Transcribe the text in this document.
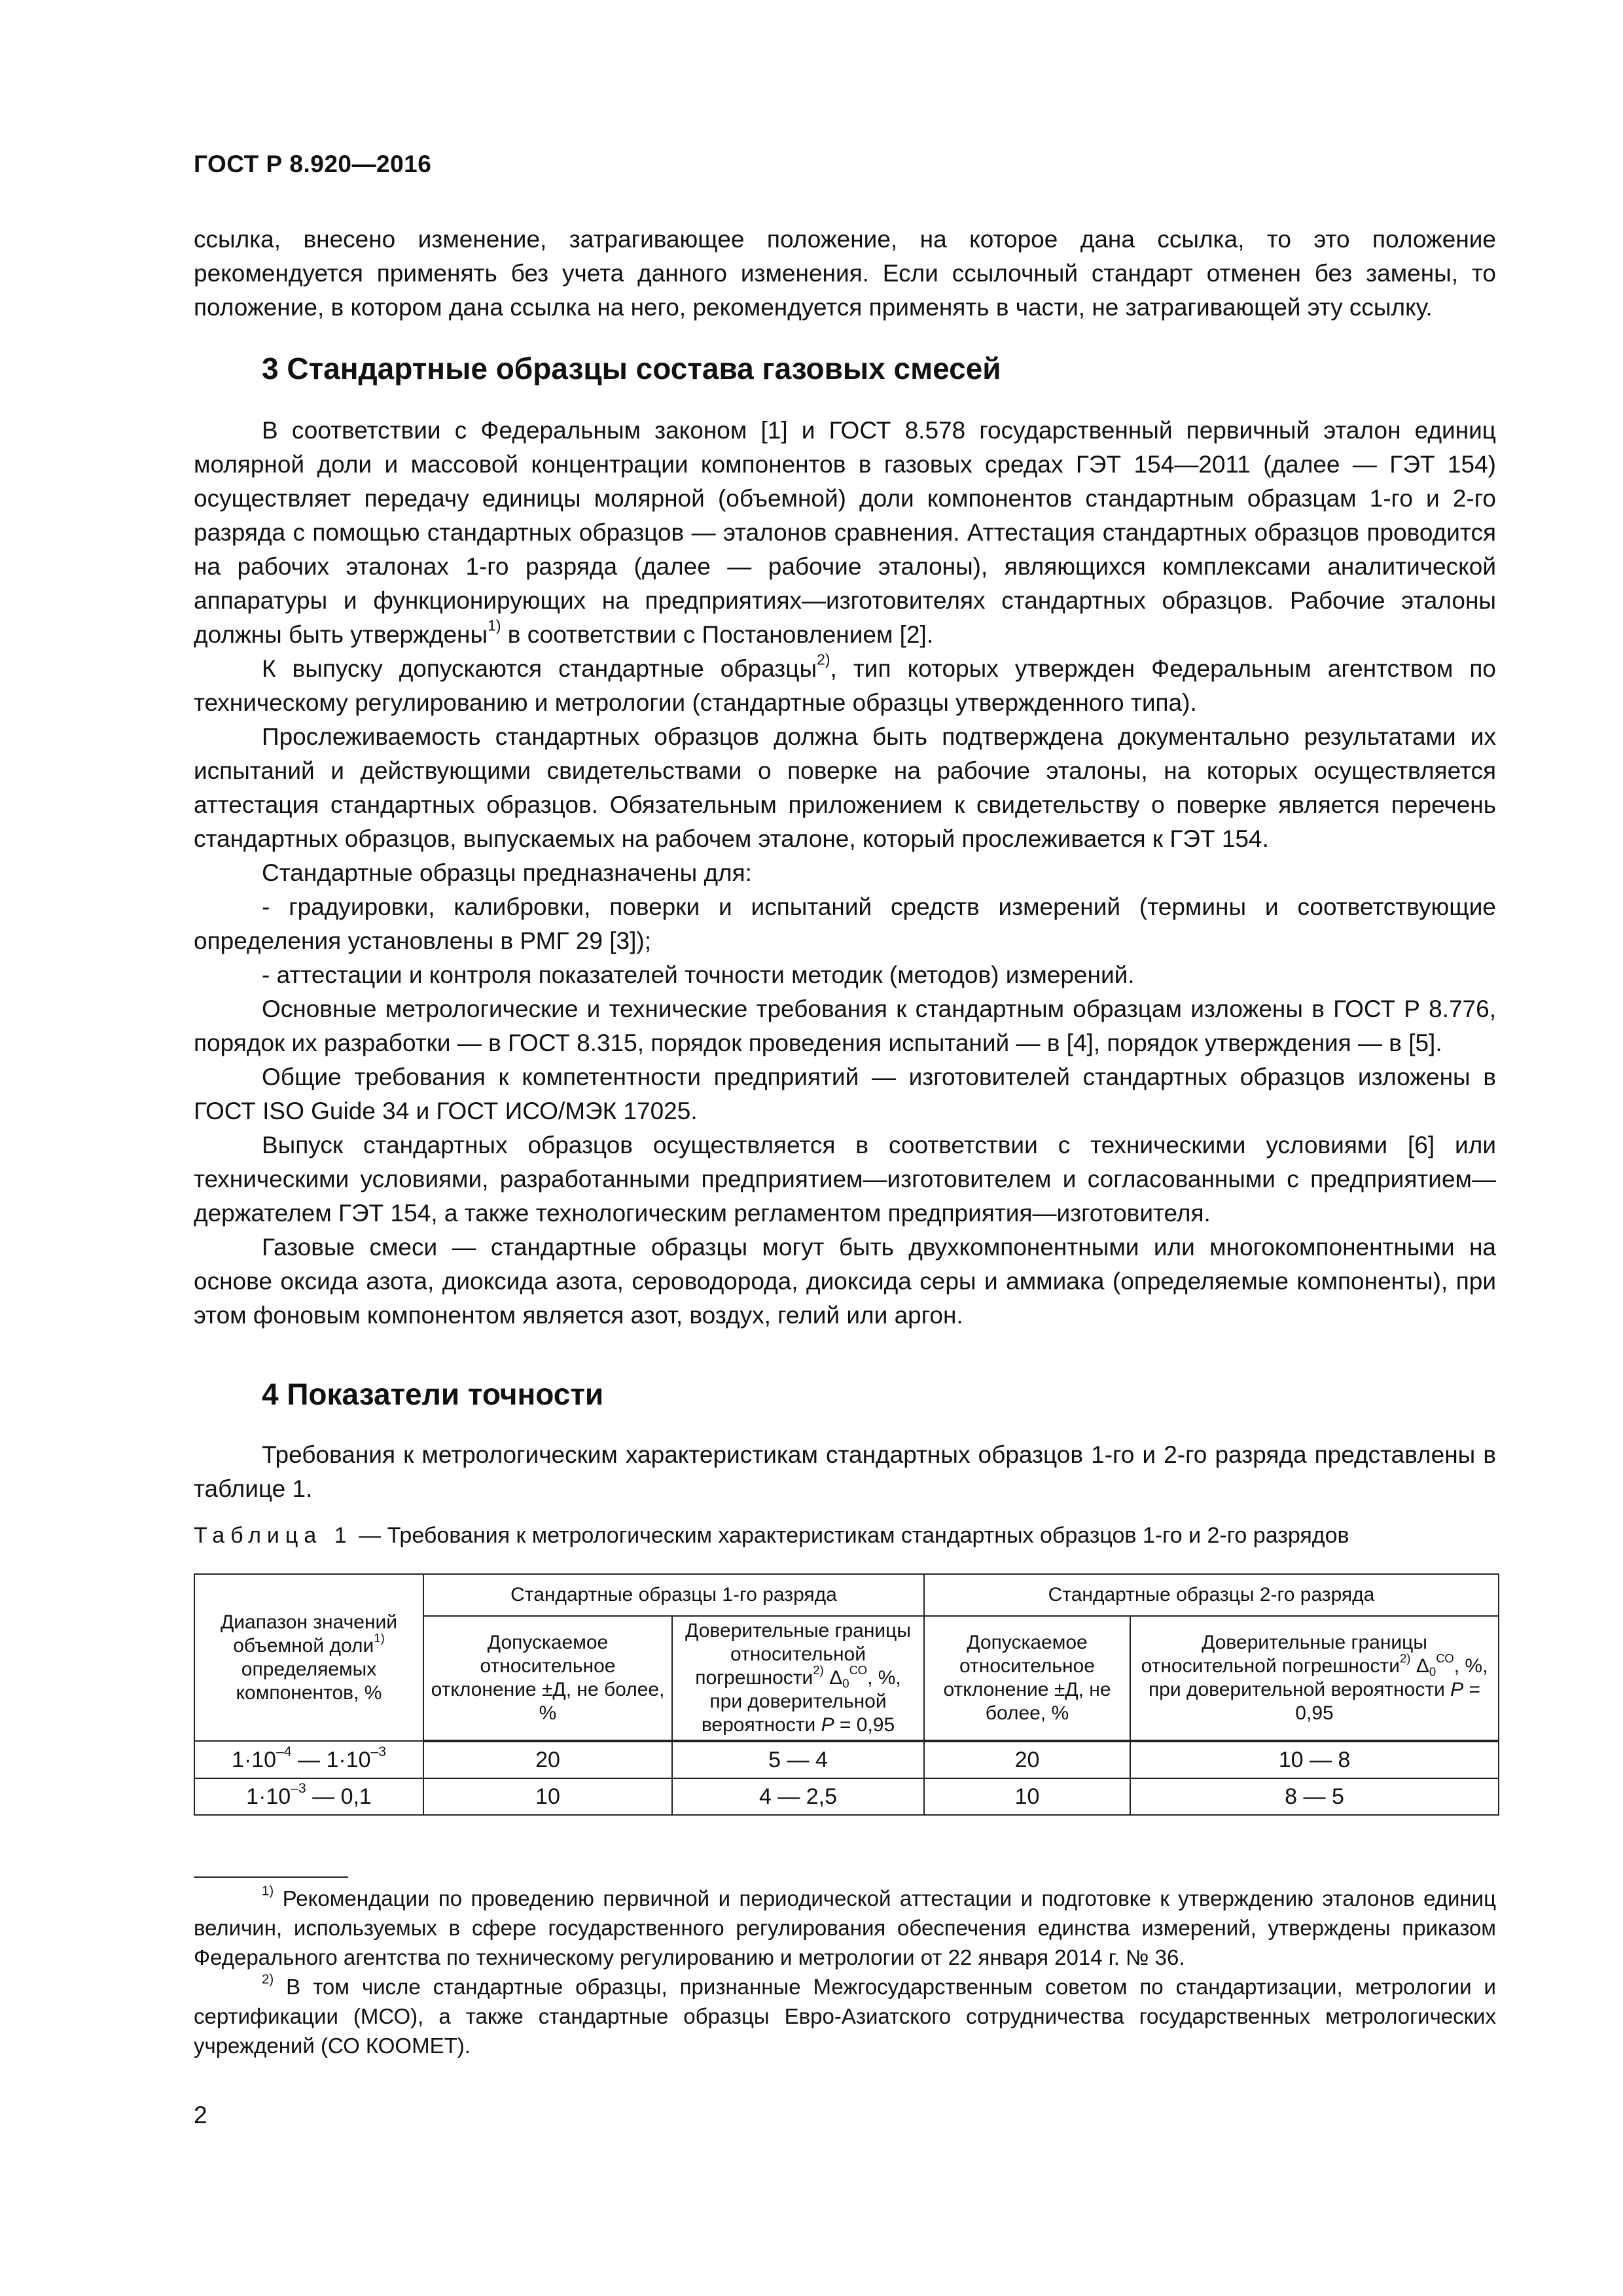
ГОСТ Р 8.920—2016

ссылка, внесено изменение, затрагивающее положение, на которое дана ссылка, то это положение рекомендуется применять без учета данного изменения. Если ссылочный стандарт отменен без замены, то положение, в котором дана ссылка на него, рекомендуется применять в части, не затрагивающей эту ссылку.

3 Стандартные образцы состава газовых смесей

В соответствии с Федеральным законом [1] и ГОСТ 8.578 государственный первичный эталон единиц молярной доли и массовой концентрации компонентов в газовых средах ГЭТ 154—2011 (далее — ГЭТ 154) осуществляет передачу единицы молярной (объемной) доли компонентов стандартным образцам 1-го и 2-го разряда с помощью стандартных образцов — эталонов сравнения. Аттестация стандартных образцов проводится на рабочих эталонах 1-го разряда (далее — рабочие эталоны), являющихся комплексами аналитической аппаратуры и функционирующих на предприятиях—изготовителях стандартных образцов. Рабочие эталоны должны быть утверждены$^{1)}$ в соответствии с Постановлением [2].

К выпуску допускаются стандартные образцы$^{2)}$, тип которых утвержден Федеральным агентством по техническому регулированию и метрологии (стандартные образцы утвержденного типа).

Прослеживаемость стандартных образцов должна быть подтверждена документально результатами их испытаний и действующими свидетельствами о поверке на рабочие эталоны, на которых осуществляется аттестация стандартных образцов. Обязательным приложением к свидетельству о поверке является перечень стандартных образцов, выпускаемых на рабочем эталоне, который прослеживается к ГЭТ 154.

Стандартные образцы предназначены для:

- градуировки, калибровки, поверки и испытаний средств измерений (термины и соответствующие определения установлены в РМГ 29 [3]);

- аттестации и контроля показателей точности методик (методов) измерений.

Основные метрологические и технические требования к стандартным образцам изложены в ГОСТ Р 8.776, порядок их разработки — в ГОСТ 8.315, порядок проведения испытаний — в [4], порядок утверждения — в [5].

Общие требования к компетентности предприятий — изготовителей стандартных образцов изложены в ГОСТ ISO Guide 34 и ГОСТ ИСО/МЭК 17025.

Выпуск стандартных образцов осуществляется в соответствии с техническими условиями [6] или техническими условиями, разработанными предприятием—изготовителем и согласованными с предприятием—держателем ГЭТ 154, а также технологическим регламентом предприятия—изготовителя.

Газовые смеси — стандартные образцы могут быть двухкомпонентными или многокомпонентными на основе оксида азота, диоксида азота, сероводорода, диоксида серы и аммиака (определяемые компоненты), при этом фоновым компонентом является азот, воздух, гелий или аргон.

4 Показатели точности

Требования к метрологическим характеристикам стандартных образцов 1-го и 2-го разряда представлены в таблице 1.

Таблица 1 — Требования к метрологическим характеристикам стандартных образцов 1-го и 2-го разрядов
Диапазон значений объемной доли$^{1)}$ определяемых компонентов, %	Стандартные образцы 1-го разряда		Стандартные образцы 2-го разряда	
	Допускаемое относительное отклонение ±Д, не более, %	Доверительные границы относительной погрешности$^{2)}$ $\Delta_0^{СО}$, %, при доверительной вероятности P = 0,95	Допускаемое относительное отклонение ±Д, не более, %	Доверительные границы относительной погрешности$^{2)}$ $\Delta_0^{СО}$, %, при доверительной вероятности P = 0,95
$1\cdot 10^{-4}$ — $1\cdot 10^{-3}$	20	5 — 4	20	10 — 8
$1\cdot 10^{-3}$ — 0,1	10	4 — 2,5	10	8 — 5

$^{1)}$ Рекомендации по проведению первичной и периодической аттестации и подготовке к утверждению эталонов единиц величин, используемых в сфере государственного регулирования обеспечения единства измерений, утверждены приказом Федерального агентства по техническому регулированию и метрологии от 22 января 2014 г. № 36.

$^{2)}$ В том числе стандартные образцы, признанные Межгосударственным советом по стандартизации, метрологии и сертификации (МСО), а также стандартные образцы Евро-Азиатского сотрудничества государственных метрологических учреждений (СО КООМЕТ).

2
